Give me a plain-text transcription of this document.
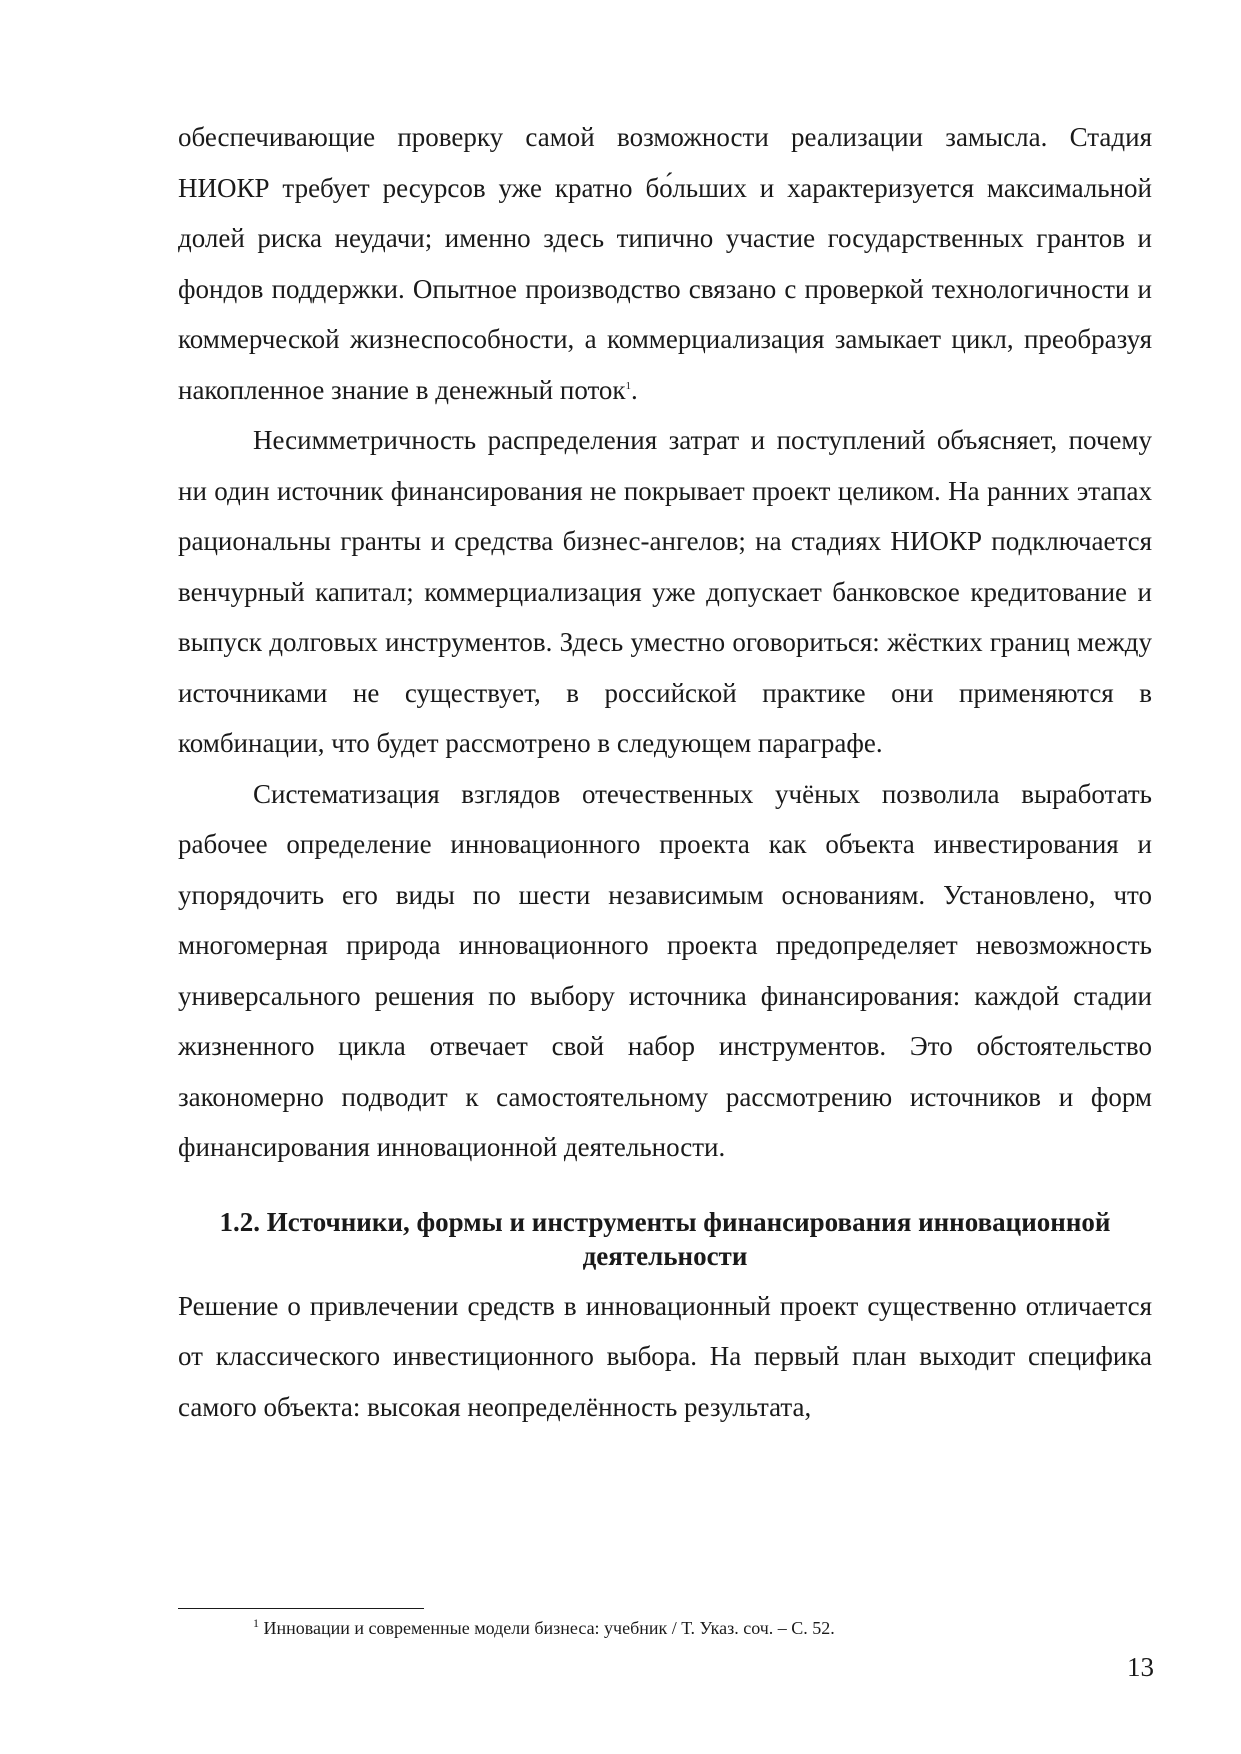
обеспечивающие проверку самой возможности реализации замысла. Стадия НИОКР требует ресурсов уже кратно бо́льших и характеризуется максимальной долей риска неудачи; именно здесь типично участие государственных грантов и фондов поддержки. Опытное производство связано с проверкой технологичности и коммерческой жизнеспособности, а коммерциализация замыкает цикл, преобразуя накопленное знание в денежный поток$^1$.

Несимметричность распределения затрат и поступлений объясняет, почему ни один источник финансирования не покрывает проект целиком. На ранних этапах рациональны гранты и средства бизнес-ангелов; на стадиях НИОКР подключается венчурный капитал; коммерциализация уже допускает банковское кредитование и выпуск долговых инструментов. Здесь уместно оговориться: жёстких границ между источниками не существует, в российской практике они применяются в комбинации, что будет рассмотрено в следующем параграфе.

Систематизация взглядов отечественных учёных позволила выработать рабочее определение инновационного проекта как объекта инвестирования и упорядочить его виды по шести независимым основаниям. Установлено, что многомерная природа инновационного проекта предопределяет невозможность универсального решения по выбору источника финансирования: каждой стадии жизненного цикла отвечает свой набор инструментов. Это обстоятельство закономерно подводит к самостоятельному рассмотрению источников и форм финансирования инновационной деятельности.

1.2. Источники, формы и инструменты финансирования инновационной
деятельности

Решение о привлечении средств в инновационный проект существенно отличается от классического инвестиционного выбора. На первый план выходит специфика самого объекта: высокая неопределённость результата,

$^1$ Инновации и современные модели бизнеса: учебник / Т. Указ. соч. – С. 52.
13
